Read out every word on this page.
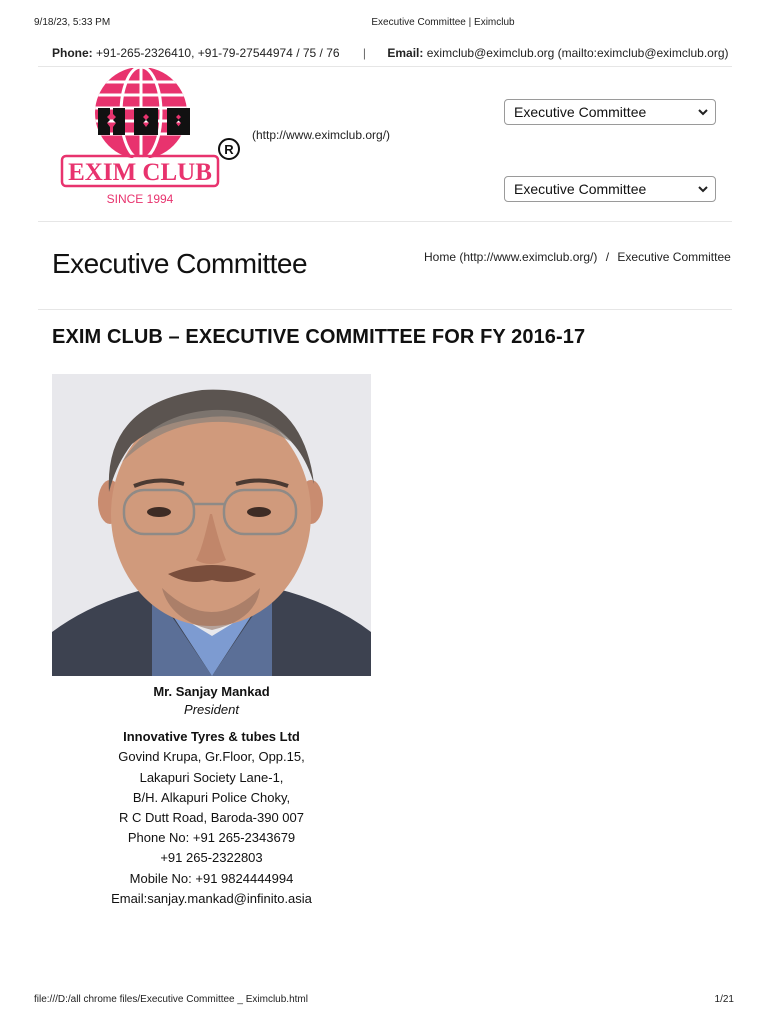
9/18/23, 5:33 PM	Executive Committee | Eximclub
Phone: +91-265-2326410, +91-79-27544974 / 75 / 76 | Email: eximclub@eximclub.org (mailto:eximclub@eximclub.org)
EXIM CLUB
R
SINCE 1994
(http://www.eximclub.org/)
Executive Committee
Executive Committee
Executive Committee	Home (http://www.eximclub.org/) / Executive Committee
EXIM CLUB – EXECUTIVE COMMITTEE FOR FY 2016-17
Mr. Sanjay Mankad
President
Innovative Tyres & tubes Ltd
Govind Krupa, Gr.Floor, Opp.15,
Lakapuri Society Lane-1,
B/H. Alkapuri Police Choky,
R C Dutt Road, Baroda-390 007
Phone No: +91 265-2343679
+91 265-2322803
Mobile No: +91 9824444994
Email:sanjay.mankad@infinito.asia
file:///D:/all chrome files/Executive Committee _ Eximclub.html	1/21
